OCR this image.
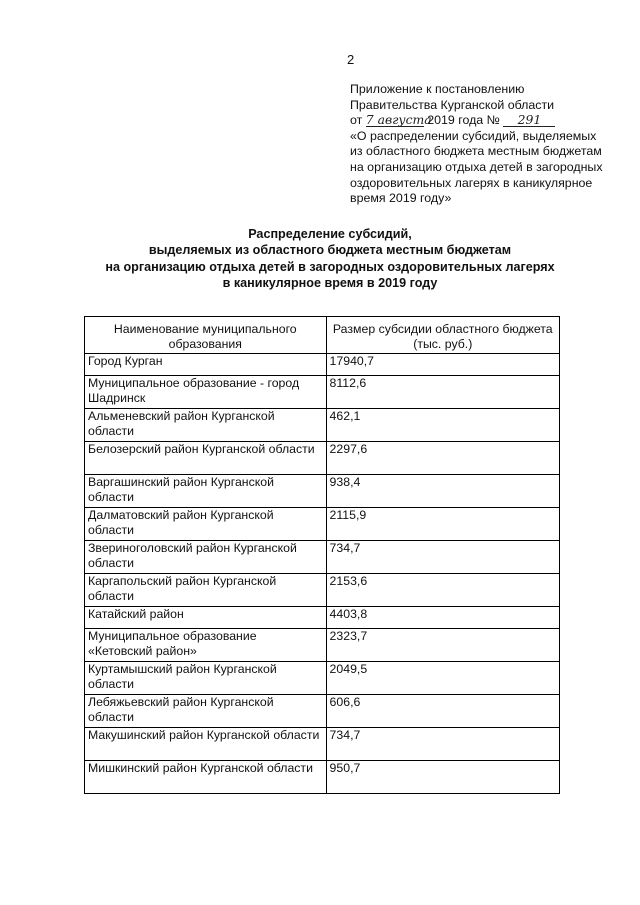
2
Приложение к постановлению
Правительства Курганской области
от 7 августа 2019 года № 291
«О распределении субсидий, выделяемых
из областного бюджета местным бюджетам
на организацию отдыха детей в загородных
оздоровительных лагерях в каникулярное
время 2019 году»
Распределение субсидий,
выделяемых из областного бюджета местным бюджетам
на организацию отдыха детей в загородных оздоровительных лагерях
в каникулярное время в 2019 году
Наименование муниципального образования	Размер субсидии областного бюджета (тыс. руб.)
Город Курган	17940,7
Муниципальное образование - город Шадринск	8112,6
Альменевский район Курганской области	462,1
Белозерский район Курганской области	2297,6
Варгашинский район Курганской области	938,4
Далматовский район Курганской области	2115,9
Звериноголовский район Курганской области	734,7
Каргапольский район Курганской области	2153,6
Катайский район	4403,8
Муниципальное образование «Кетовский район»	2323,7
Куртамышский район Курганской области	2049,5
Лебяжьевский район Курганской области	606,6
Макушинский район Курганской области	734,7
Мишкинский район Курганской области	950,7
